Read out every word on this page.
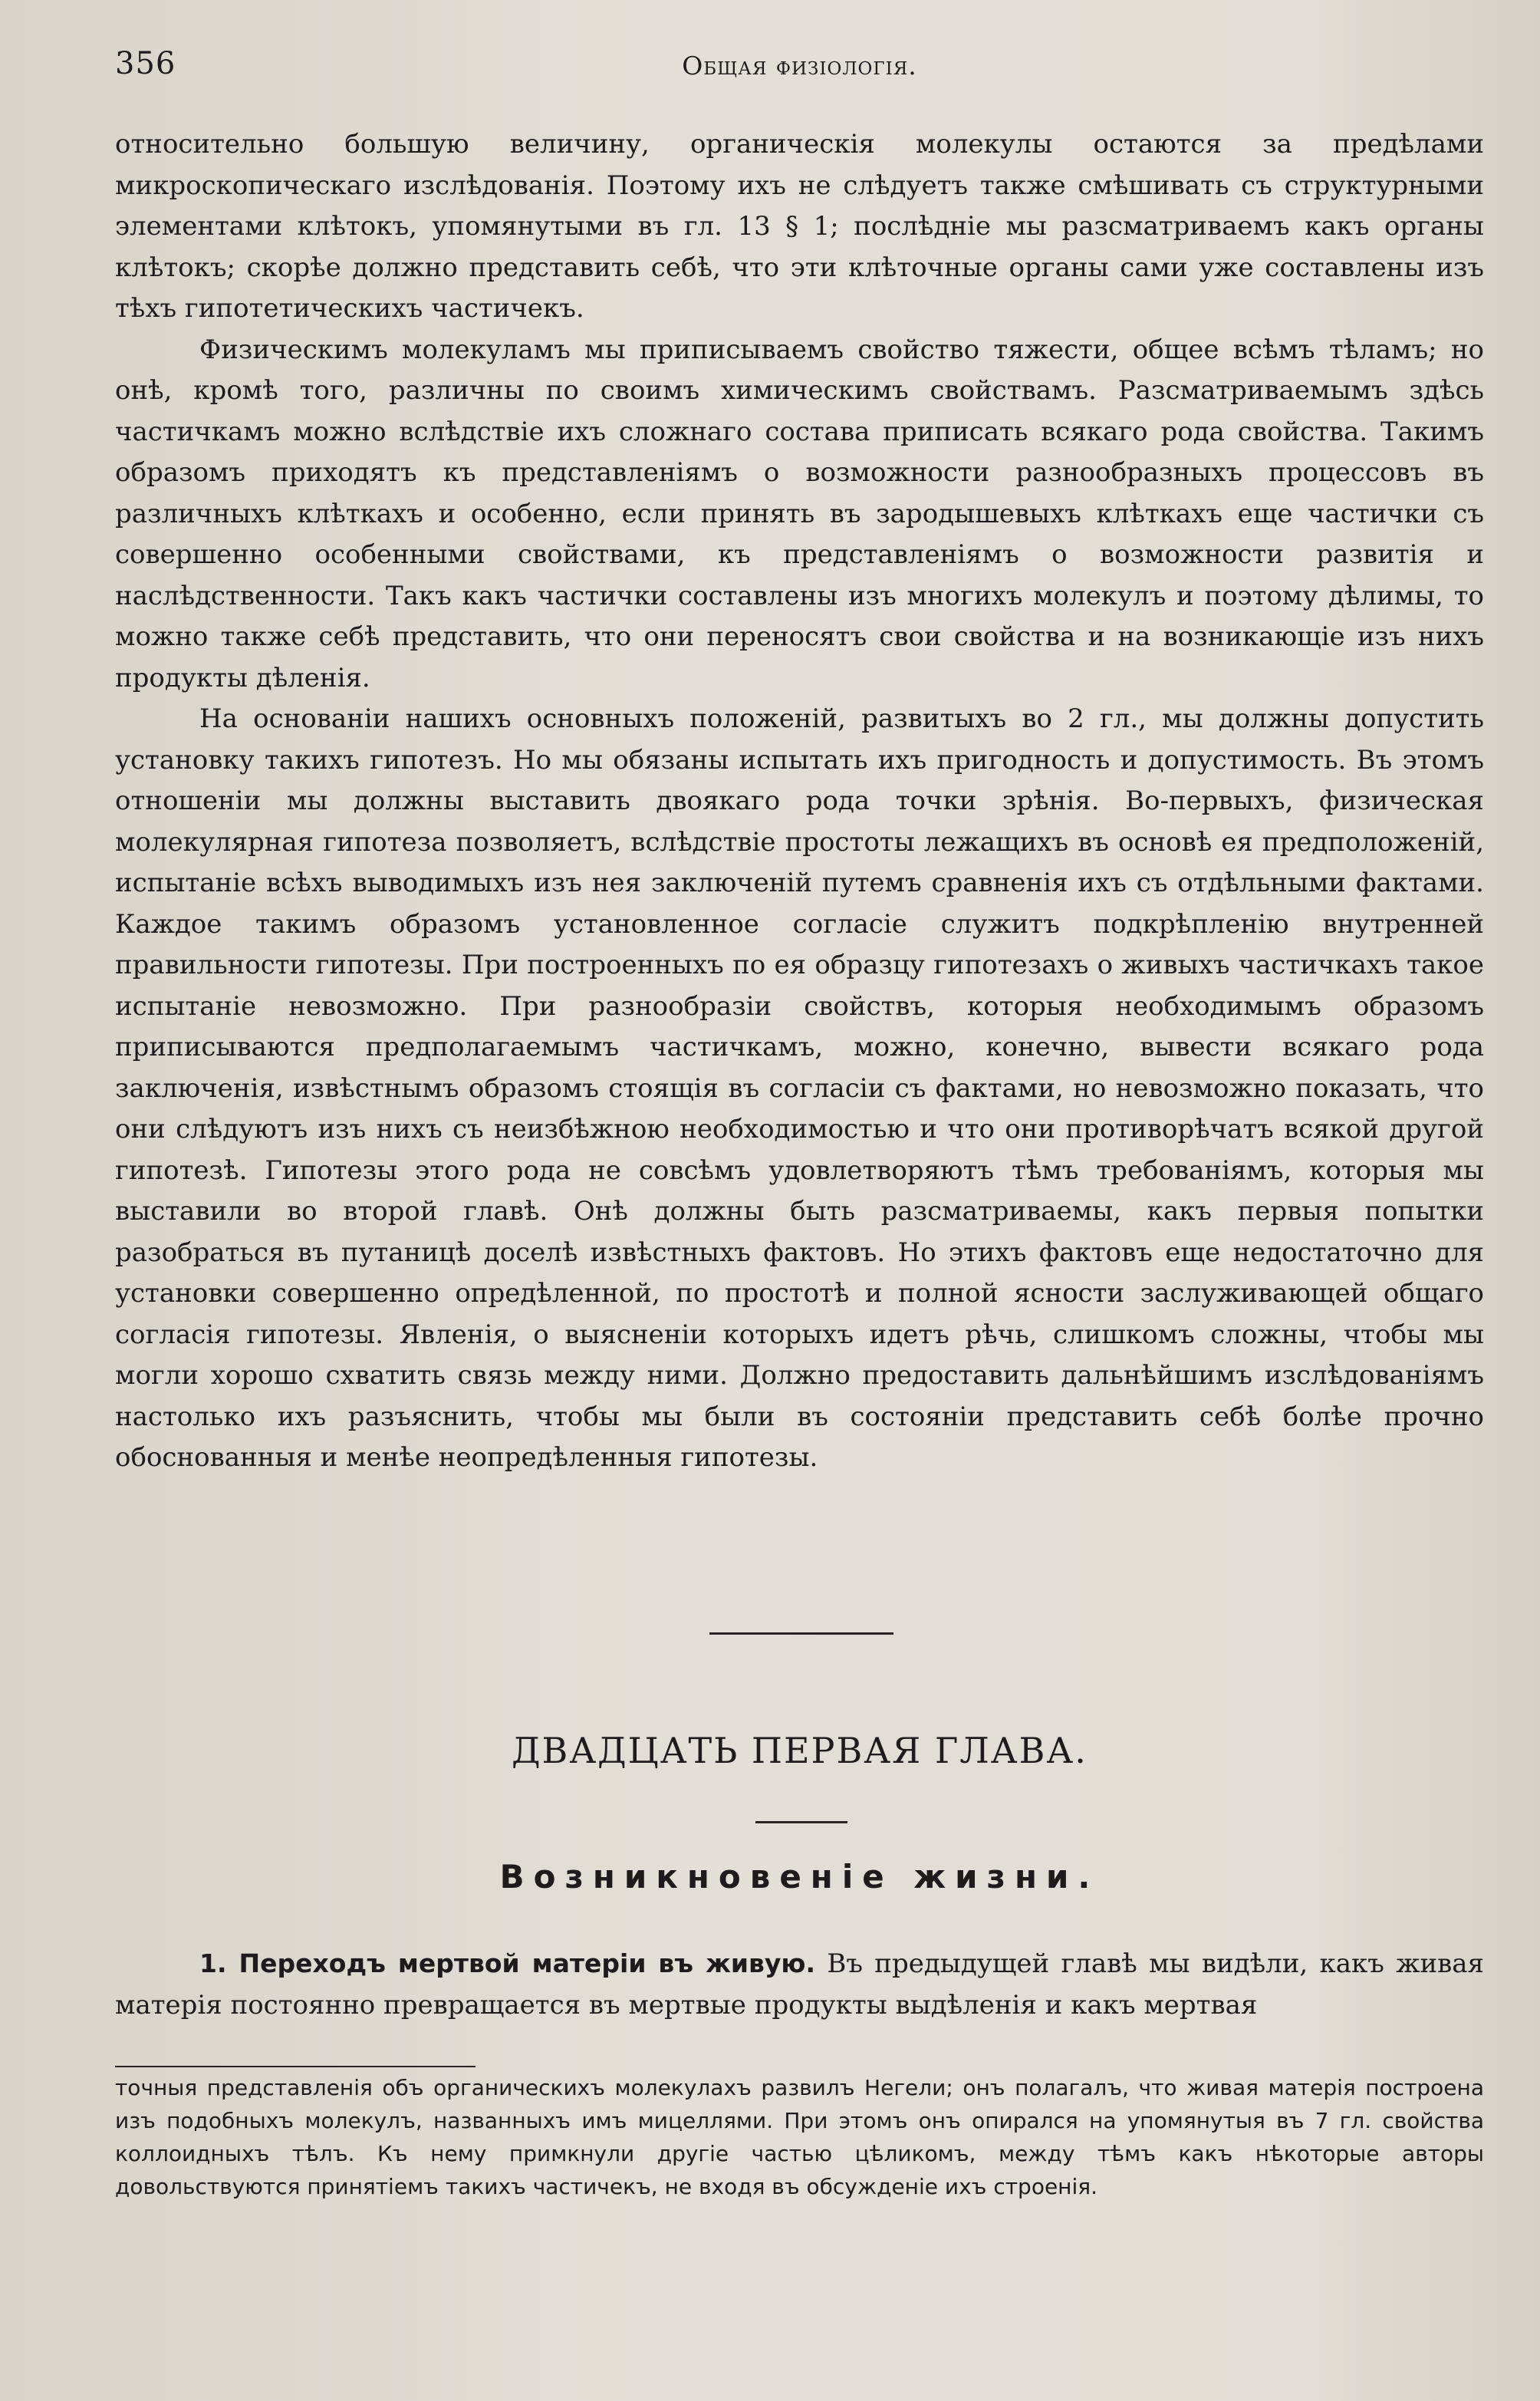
356	Общая физiологiя.

относительно большую величину, органическiя молекулы остаются за предѣлами микроскопическаго изслѣдованiя. Поэтому ихъ не слѣдуетъ также смѣшивать съ структурными элементами клѣтокъ, упомянутыми въ гл. 13 § 1; послѣднiе мы разсматриваемъ какъ органы клѣтокъ; скорѣе должно представить себѣ, что эти клѣточные органы сами уже составлены изъ тѣхъ гипотетическихъ частичекъ.

Физическимъ молекуламъ мы приписываемъ свойство тяжести, общее всѣмъ тѣламъ; но онѣ, кромѣ того, различны по своимъ химическимъ свойствамъ. Разсматриваемымъ здѣсь частичкамъ можно вслѣдствiе ихъ сложнаго состава приписать всякаго рода свойства. Такимъ образомъ приходятъ къ представленiямъ о возможности разнообразныхъ процессовъ въ различныхъ клѣткахъ и особенно, если принять въ зародышевыхъ клѣткахъ еще частички съ совершенно особенными свойствами, къ представленiямъ о возможности развитiя и наслѣдственности. Такъ какъ частички составлены изъ многихъ молекулъ и поэтому дѣлимы, то можно также себѣ представить, что они переносятъ свои свойства и на возникающiе изъ нихъ продукты дѣленiя.

На основанiи нашихъ основныхъ положенiй, развитыхъ во 2 гл., мы должны допустить установку такихъ гипотезъ. Но мы обязаны испытать ихъ пригодность и допустимость. Въ этомъ отношенiи мы должны выставить двоякаго рода точки зрѣнiя. Во-первыхъ, физическая молекулярная гипотеза позволяетъ, вслѣдствiе простоты лежащихъ въ основѣ ея предположенiй, испытанiе всѣхъ выводимыхъ изъ нея заключенiй путемъ сравненiя ихъ съ отдѣльными фактами. Каждое такимъ образомъ установленное согласiе служитъ подкрѣпленiю внутренней правильности гипотезы. При построенныхъ по ея образцу гипотезахъ о живыхъ частичкахъ такое испытанiе невозможно. При разнообразiи свойствъ, которыя необходимымъ образомъ приписываются предполагаемымъ частичкамъ, можно, конечно, вывести всякаго рода заключенiя, извѣстнымъ образомъ стоящiя въ согласiи съ фактами, но невозможно показать, что они слѣдуютъ изъ нихъ съ неизбѣжною необходимостью и что они противорѣчатъ всякой другой гипотезѣ. Гипотезы этого рода не совсѣмъ удовлетворяютъ тѣмъ требованiямъ, которыя мы выставили во второй главѣ. Онѣ должны быть разсматриваемы, какъ первыя попытки разобраться въ путаницѣ доселѣ извѣстныхъ фактовъ. Но этихъ фактовъ еще недостаточно для установки совершенно опредѣленной, по простотѣ и полной ясности заслуживающей общаго согласiя гипотезы. Явленiя, о выясненiи которыхъ идетъ рѣчь, слишкомъ сложны, чтобы мы могли хорошо схватить связь между ними. Должно предоставить дальнѣйшимъ изслѣдованiямъ настолько ихъ разъяснить, чтобы мы были въ состоянiи представить себѣ болѣе прочно обоснованныя и менѣе неопредѣленныя гипотезы.

ДВАДЦАТЬ ПЕРВАЯ ГЛАВА.
Возникновенiе жизни.

1. Переходъ мертвой матерiи въ живую. Въ предыдущей главѣ мы видѣли, какъ живая матерiя постоянно превращается въ мертвые продукты выдѣленiя и какъ мертвая

точныя представленiя объ органическихъ молекулахъ развилъ Негели; онъ полагалъ, что живая матерiя построена изъ подобныхъ молекулъ, названныхъ имъ мицеллями. При этомъ онъ опирался на упомянутыя въ 7 гл. свойства коллоидныхъ тѣлъ. Къ нему примкнули другiе частью цѣликомъ, между тѣмъ какъ нѣкоторые авторы довольствуются принятiемъ такихъ частичекъ, не входя въ обсужденiе ихъ строенiя.
